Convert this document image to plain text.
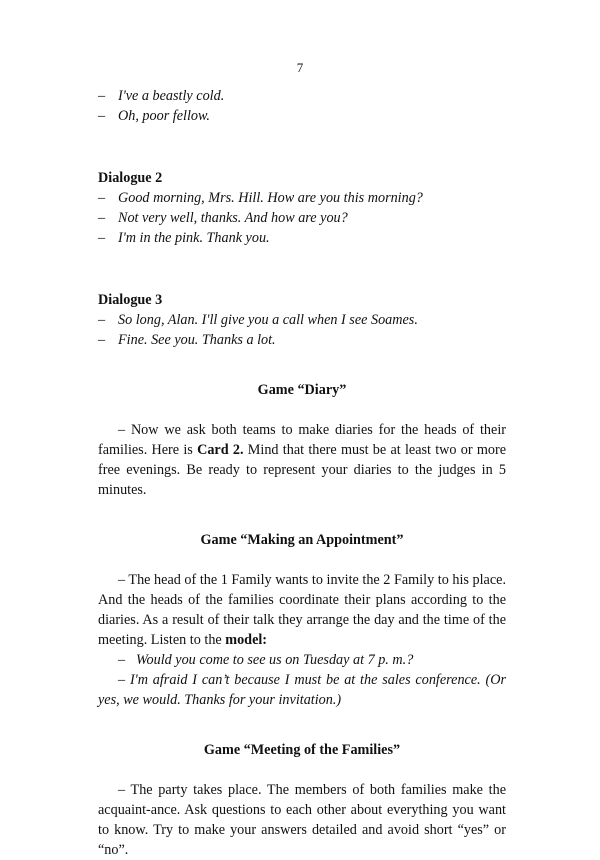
7
– I've a beastly cold.
– Oh, poor fellow.

Dialogue 2

– Good morning, Mrs. Hill. How are you this morning?
– Not very well, thanks. And how are you?
– I'm in the pink. Thank you.

Dialogue 3

– So long, Alan. I'll give you a call when I see Soames.
– Fine. See you. Thanks a lot.

Game “Diary”

– Now we ask both teams to make diaries for the heads of their families. Here is Card 2. Mind that there must be at least two or more free evenings. Be ready to represent your diaries to the judges in 5 minutes.

Game “Making an Appointment”

– The head of the 1 Family wants to invite the 2 Family to his place. And the heads of the families coordinate their plans according to the diaries. As a result of their talk they arrange the day and the time of the meeting. Listen to the model:

– Would you come to see us on Tuesday at 7 p. m.?

– I'm afraid I can’t because I must be at the sales conference. (Or yes, we would. Thanks for your invitation.)

Game “Meeting of the Families”

– The party takes place. The members of both families make the acquaint-ance. Ask questions to each other about everything you want to know. Try to make your answers detailed and avoid short “yes” or “no”.
